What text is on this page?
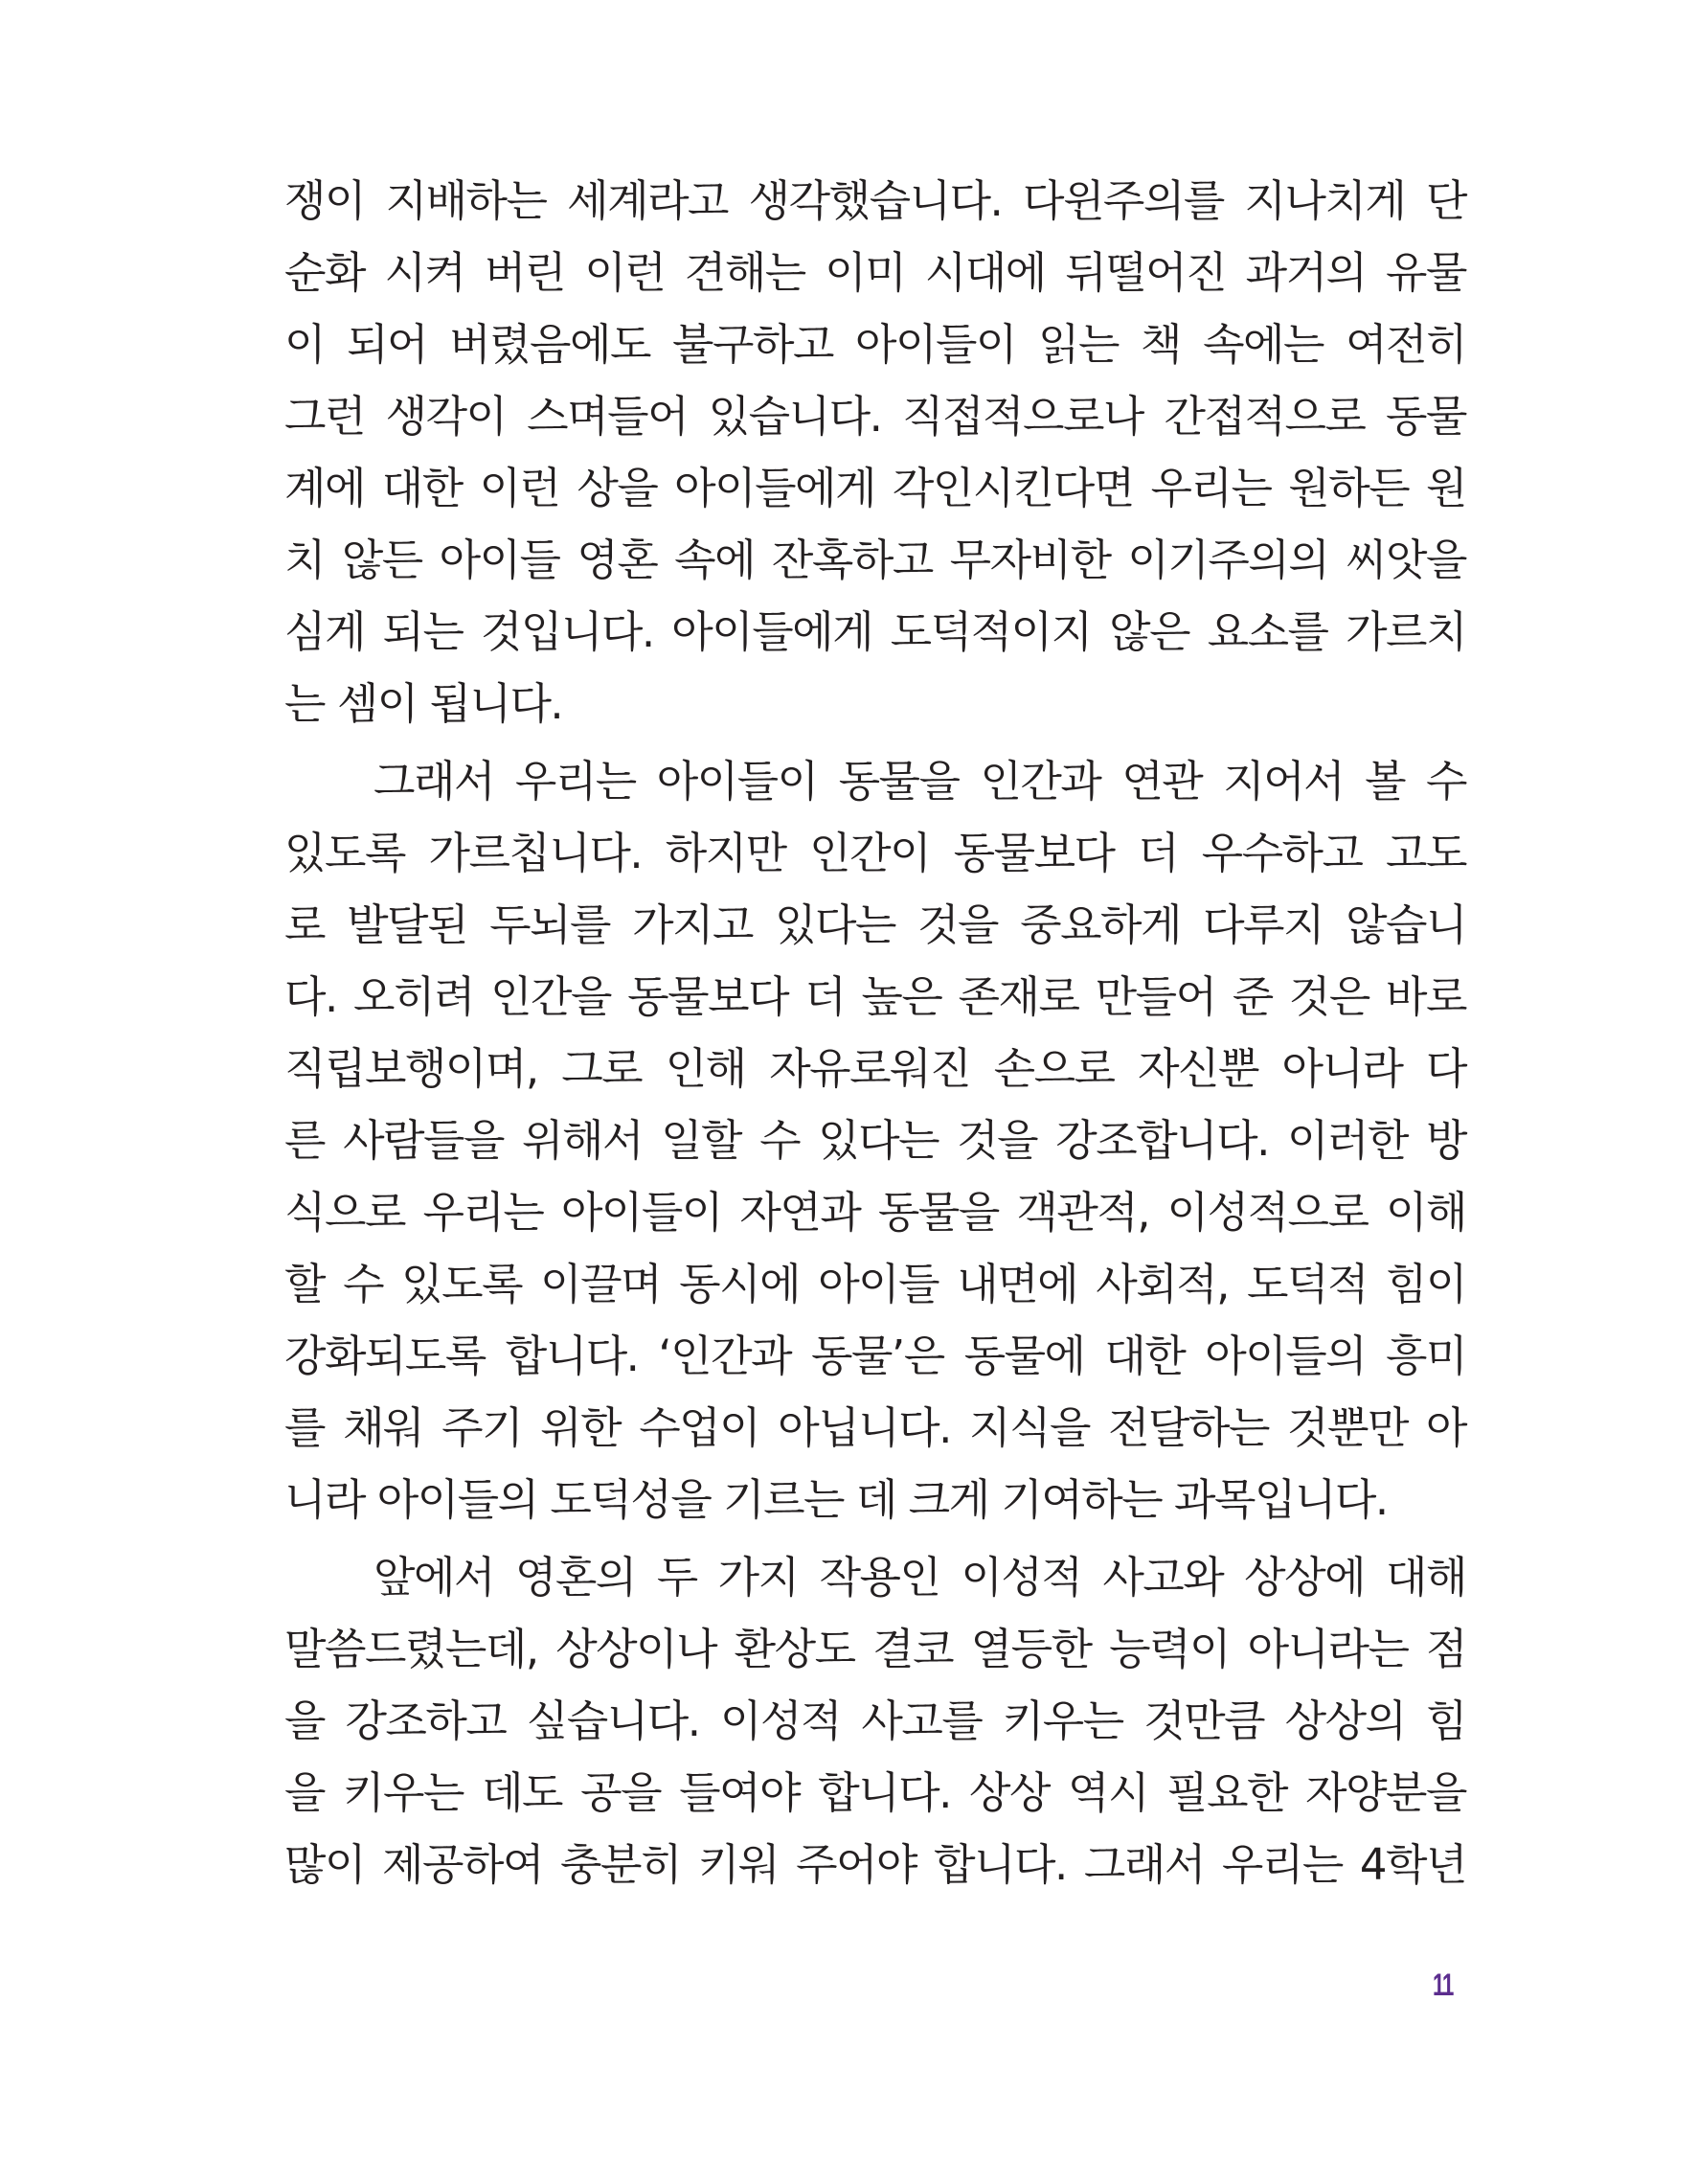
쟁이 지배하는 세계라고 생각했습니다. 다윈주의를 지나치게 단
순화 시켜 버린 이런 견해는 이미 시대에 뒤떨어진 과거의 유물
이 되어 버렸음에도 불구하고 아이들이 읽는 책 속에는 여전히
그런 생각이 스며들어 있습니다. 직접적으로나 간접적으로 동물
계에 대한 이런 상을 아이들에게 각인시킨다면 우리는 원하든 원
치 않든 아이들 영혼 속에 잔혹하고 무자비한 이기주의의 씨앗을
심게 되는 것입니다. 아이들에게 도덕적이지 않은 요소를 가르치
는 셈이 됩니다.

그래서 우리는 아이들이 동물을 인간과 연관 지어서 볼 수
있도록 가르칩니다. 하지만 인간이 동물보다 더 우수하고 고도
로 발달된 두뇌를 가지고 있다는 것을 중요하게 다루지 않습니
다. 오히려 인간을 동물보다 더 높은 존재로 만들어 준 것은 바로
직립보행이며, 그로 인해 자유로워진 손으로 자신뿐 아니라 다
른 사람들을 위해서 일할 수 있다는 것을 강조합니다. 이러한 방
식으로 우리는 아이들이 자연과 동물을 객관적, 이성적으로 이해
할 수 있도록 이끌며 동시에 아이들 내면에 사회적, 도덕적 힘이
강화되도록 합니다. ‘인간과 동물’은 동물에 대한 아이들의 흥미
를 채워 주기 위한 수업이 아닙니다. 지식을 전달하는 것뿐만 아
니라 아이들의 도덕성을 기르는 데 크게 기여하는 과목입니다.

앞에서 영혼의 두 가지 작용인 이성적 사고와 상상에 대해
말씀드렸는데, 상상이나 환상도 결코 열등한 능력이 아니라는 점
을 강조하고 싶습니다. 이성적 사고를 키우는 것만큼 상상의 힘
을 키우는 데도 공을 들여야 합니다. 상상 역시 필요한 자양분을
많이 제공하여 충분히 키워 주어야 합니다. 그래서 우리는 4학년

11
